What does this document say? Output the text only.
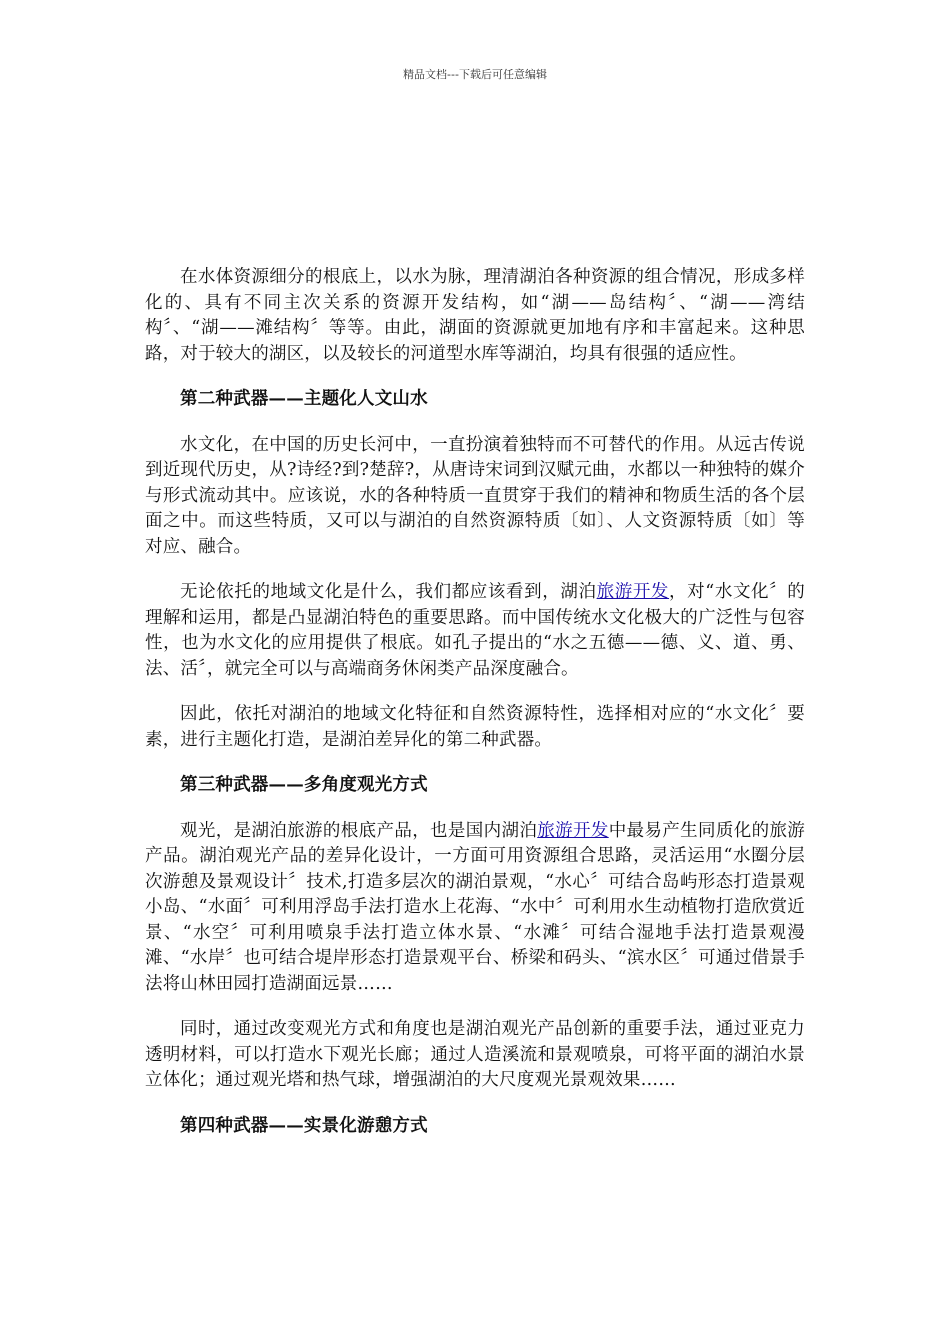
精品文档---下载后可任意编辑

在水体资源细分的根底上，以水为脉，理清湖泊各种资源的组合情况，形成多样化的、具有不同主次关系的资源开发结构，如“湖——岛结构〞、“湖——湾结构〞、“湖——滩结构〞等等。由此，湖面的资源就更加地有序和丰富起来。这种思路，对于较大的湖区，以及较长的河道型水库等湖泊，均具有很强的适应性。

第二种武器——主题化人文山水

水文化，在中国的历史长河中，一直扮演着独特而不可替代的作用。从远古传说到近现代历史，从?诗经?到?楚辞?，从唐诗宋词到汉赋元曲，水都以一种独特的媒介与形式流动其中。应该说，水的各种特质一直贯穿于我们的精神和物质生活的各个层面之中。而这些特质，又可以与湖泊的自然资源特质〔如〕、人文资源特质〔如〕等对应、融合。

无论依托的地域文化是什么，我们都应该看到，湖泊旅游开发，对“水文化〞的理解和运用，都是凸显湖泊特色的重要思路。而中国传统水文化极大的广泛性与包容性，也为水文化的应用提供了根底。如孔子提出的“水之五德——德、义、道、勇、法、活〞，就完全可以与高端商务休闲类产品深度融合。

因此，依托对湖泊的地域文化特征和自然资源特性，选择相对应的“水文化〞要素，进行主题化打造，是湖泊差异化的第二种武器。

第三种武器——多角度观光方式

观光，是湖泊旅游的根底产品，也是国内湖泊旅游开发中最易产生同质化的旅游产品。湖泊观光产品的差异化设计，一方面可用资源组合思路，灵活运用“水圈分层次游憩及景观设计〞技术,打造多层次的湖泊景观，“水心〞可结合岛屿形态打造景观小岛、“水面〞可利用浮岛手法打造水上花海、“水中〞可利用水生动植物打造欣赏近景、“水空〞可利用喷泉手法打造立体水景、“水滩〞可结合湿地手法打造景观漫滩、“水岸〞也可结合堤岸形态打造景观平台、桥梁和码头、“滨水区〞可通过借景手法将山林田园打造湖面远景……

同时，通过改变观光方式和角度也是湖泊观光产品创新的重要手法，通过亚克力透明材料，可以打造水下观光长廊；通过人造溪流和景观喷泉，可将平面的湖泊水景立体化；通过观光塔和热气球，增强湖泊的大尺度观光景观效果……

第四种武器——实景化游憩方式
